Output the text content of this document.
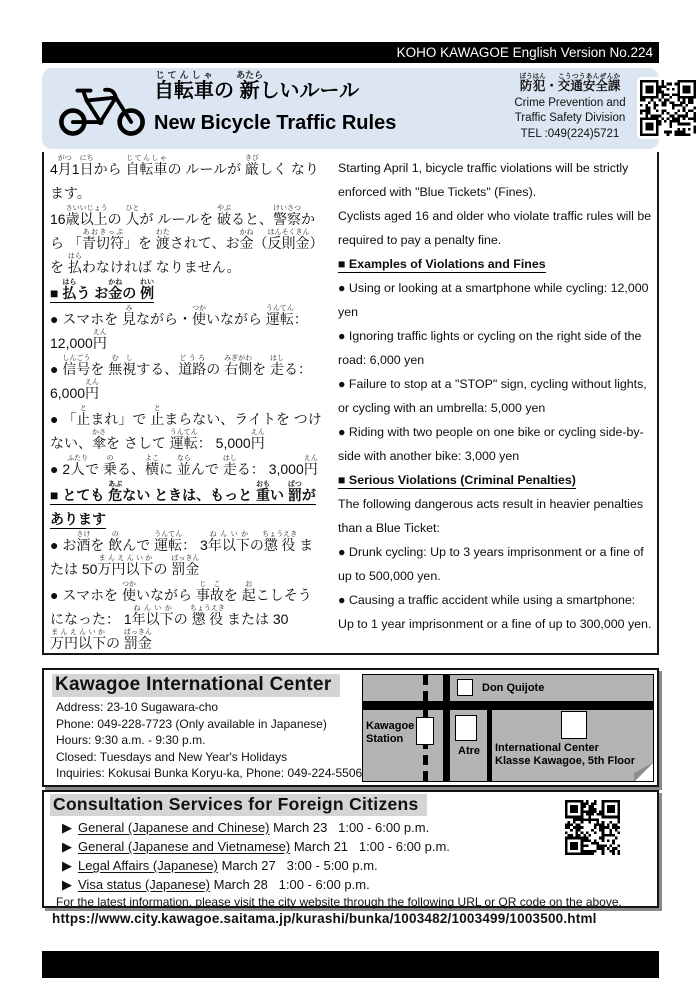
KOHO KAWAGOE English Version No.224
自転車じてんしゃの 新あたらしいルール
New Bicycle Traffic Rules
防犯ぼうはん・交通安全課こうつうあんぜんか
Crime Prevention and
Traffic Safety Division
TEL :049(224)5721
4月がつ1日にちから 自転車じてんしゃの ルールが 厳きびしく なります。
16歳以上さいいじょうの 人ひとが ルールを 破やぶると、警察けいさつから 「青切符あおきっぷ」を 渡わたされて、お金かね（反則金はんそくきん）を 払はらわなければ なりません。
■ 払はらう お金かねの 例れい
● スマホを 見みながら・使つかいながら 運転うんてん： 12,000円えん
● 信号しんごうを 無視むしする、道路どうろの 右側みぎがわを 走はしる： 6,000円えん
● 「止とまれ」で 止とまらない、ライトを つけない、傘かさを さして 運転うんてん： 5,000円えん
● 2人ふたりで 乗のる、横よこに 並ならんで 走はしる： 3,000円えん
■ とても 危あぶない ときは、もっと 重おもい 罰ばつが あります
● お酒さけを 飲のんで 運転うんてん： 3年以下ねんいかの懲役ちょうえき または 50万円以下まんえんいかの 罰金ばっきん
● スマホを 使つかいながら 事故じこを 起おこしそうになった： 1年以下ねんいかの 懲役ちょうえき または 30万円以下まんえんいかの 罰金ばっきん
Starting April 1, bicycle traffic violations will be strictly enforced with "Blue Tickets" (Fines).
Cyclists aged 16 and older who violate traffic rules will be required to pay a penalty fine.
■ Examples of Violations and Fines
● Using or looking at a smartphone while cycling: 12,000 yen
● Ignoring traffic lights or cycling on the right side of the road: 6,000 yen
● Failure to stop at a "STOP" sign, cycling without lights, or cycling with an umbrella: 5,000 yen
● Riding with two people on one bike or cycling side-by-side with another bike: 3,000 yen
■ Serious Violations (Criminal Penalties)
The following dangerous acts result in heavier penalties than a Blue Ticket:
● Drunk cycling: Up to 3 years imprisonment or a fine of up to 500,000 yen.
● Causing a traffic accident while using a smartphone: Up to 1 year imprisonment or a fine of up to 300,000 yen.
Kawagoe International Center
Address: 23-10 Sugawara-cho
Phone: 049-228-7723 (Only available in Japanese)
Hours: 9:30 a.m. - 9:30 p.m.
Closed: Tuesdays and New Year's Holidays
Inquiries: Kokusai Bunka Koryu-ka, Phone: 049-224-5506
Kawagoe
Station
Don Quijote
Atre International Center
Klasse Kawagoe, 5th Floor
Consultation Services for Foreign Citizens
▶ General (Japanese and Chinese) March 23   1:00 - 6:00 p.m.
▶ General (Japanese and Vietnamese) March 21   1:00 - 6:00 p.m.
▶ Legal Affairs (Japanese) March 27   3:00 - 5:00 p.m.
▶ Visa status (Japanese) March 28   1:00 - 6:00 p.m.
For the latest information, please visit the city website through the following URL or QR code on the above.
https://www.city.kawagoe.saitama.jp/kurashi/bunka/1003482/1003499/1003500.html
